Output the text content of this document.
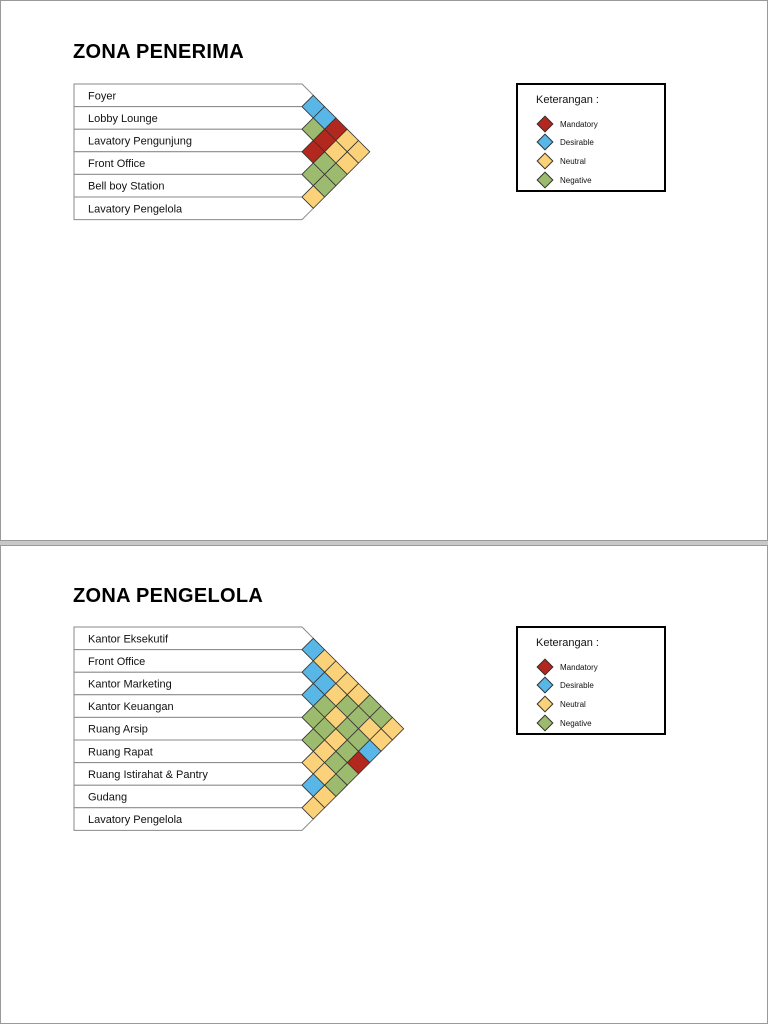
ZONA PENERIMA
Foyer
Lobby Lounge
Lavatory Pengunjung
Front Office
Bell boy Station
Lavatory Pengelola
Keterangan :
Mandatory
Desirable
Neutral
Negative
ZONA PENGELOLA
Kantor Eksekutif
Front Office
Kantor Marketing
Kantor Keuangan
Ruang Arsip
Ruang Rapat
Ruang Istirahat & Pantry
Gudang
Lavatory Pengelola
Keterangan :
Mandatory
Desirable
Neutral
Negative
